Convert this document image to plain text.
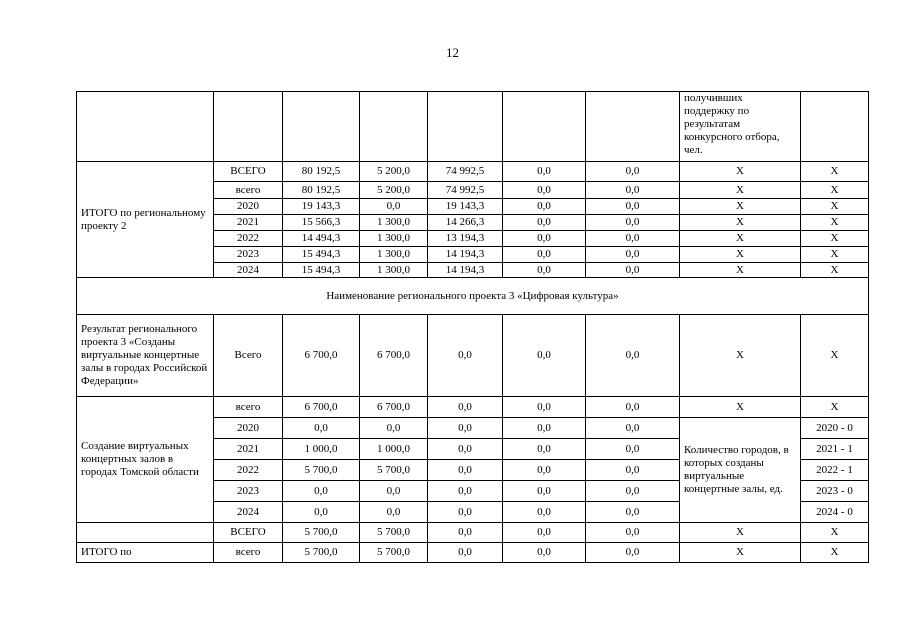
12
							получивших поддержку по результатам конкурсного отбора, чел.	
ИТОГО по региональному проекту 2	ВСЕГО	80 192,5	5 200,0	74 992,5	0,0	0,0	X	X
	всего	80 192,5	5 200,0	74 992,5	0,0	0,0	X	X
	2020	19 143,3	0,0	19 143,3	0,0	0,0	X	X
	2021	15 566,3	1 300,0	14 266,3	0,0	0,0	X	X
	2022	14 494,3	1 300,0	13 194,3	0,0	0,0	X	X
	2023	15 494,3	1 300,0	14 194,3	0,0	0,0	X	X
	2024	15 494,3	1 300,0	14 194,3	0,0	0,0	X	X
Наименование регионального проекта 3 «Цифровая культура»								
Результат регионального проекта 3 «Созданы виртуальные концертные залы в городах Российской Федерации»	Всего	6 700,0	6 700,0	0,0	0,0	0,0	X	X
Создание виртуальных концертных залов в городах Томской области	всего	6 700,0	6 700,0	0,0	0,0	0,0	X	X
	2020	0,0	0,0	0,0	0,0	0,0	Количество городов, в которых созданы виртуальные концертные залы, ед.	2020 - 0
	2021	1 000,0	1 000,0	0,0	0,0	0,0		2021 - 1
	2022	5 700,0	5 700,0	0,0	0,0	0,0		2022 - 1
	2023	0,0	0,0	0,0	0,0	0,0		2023 - 0
	2024	0,0	0,0	0,0	0,0	0,0		2024 - 0
	ВСЕГО	5 700,0	5 700,0	0,0	0,0	0,0	X	X
ИТОГО по	всего	5 700,0	5 700,0	0,0	0,0	0,0	X	X
